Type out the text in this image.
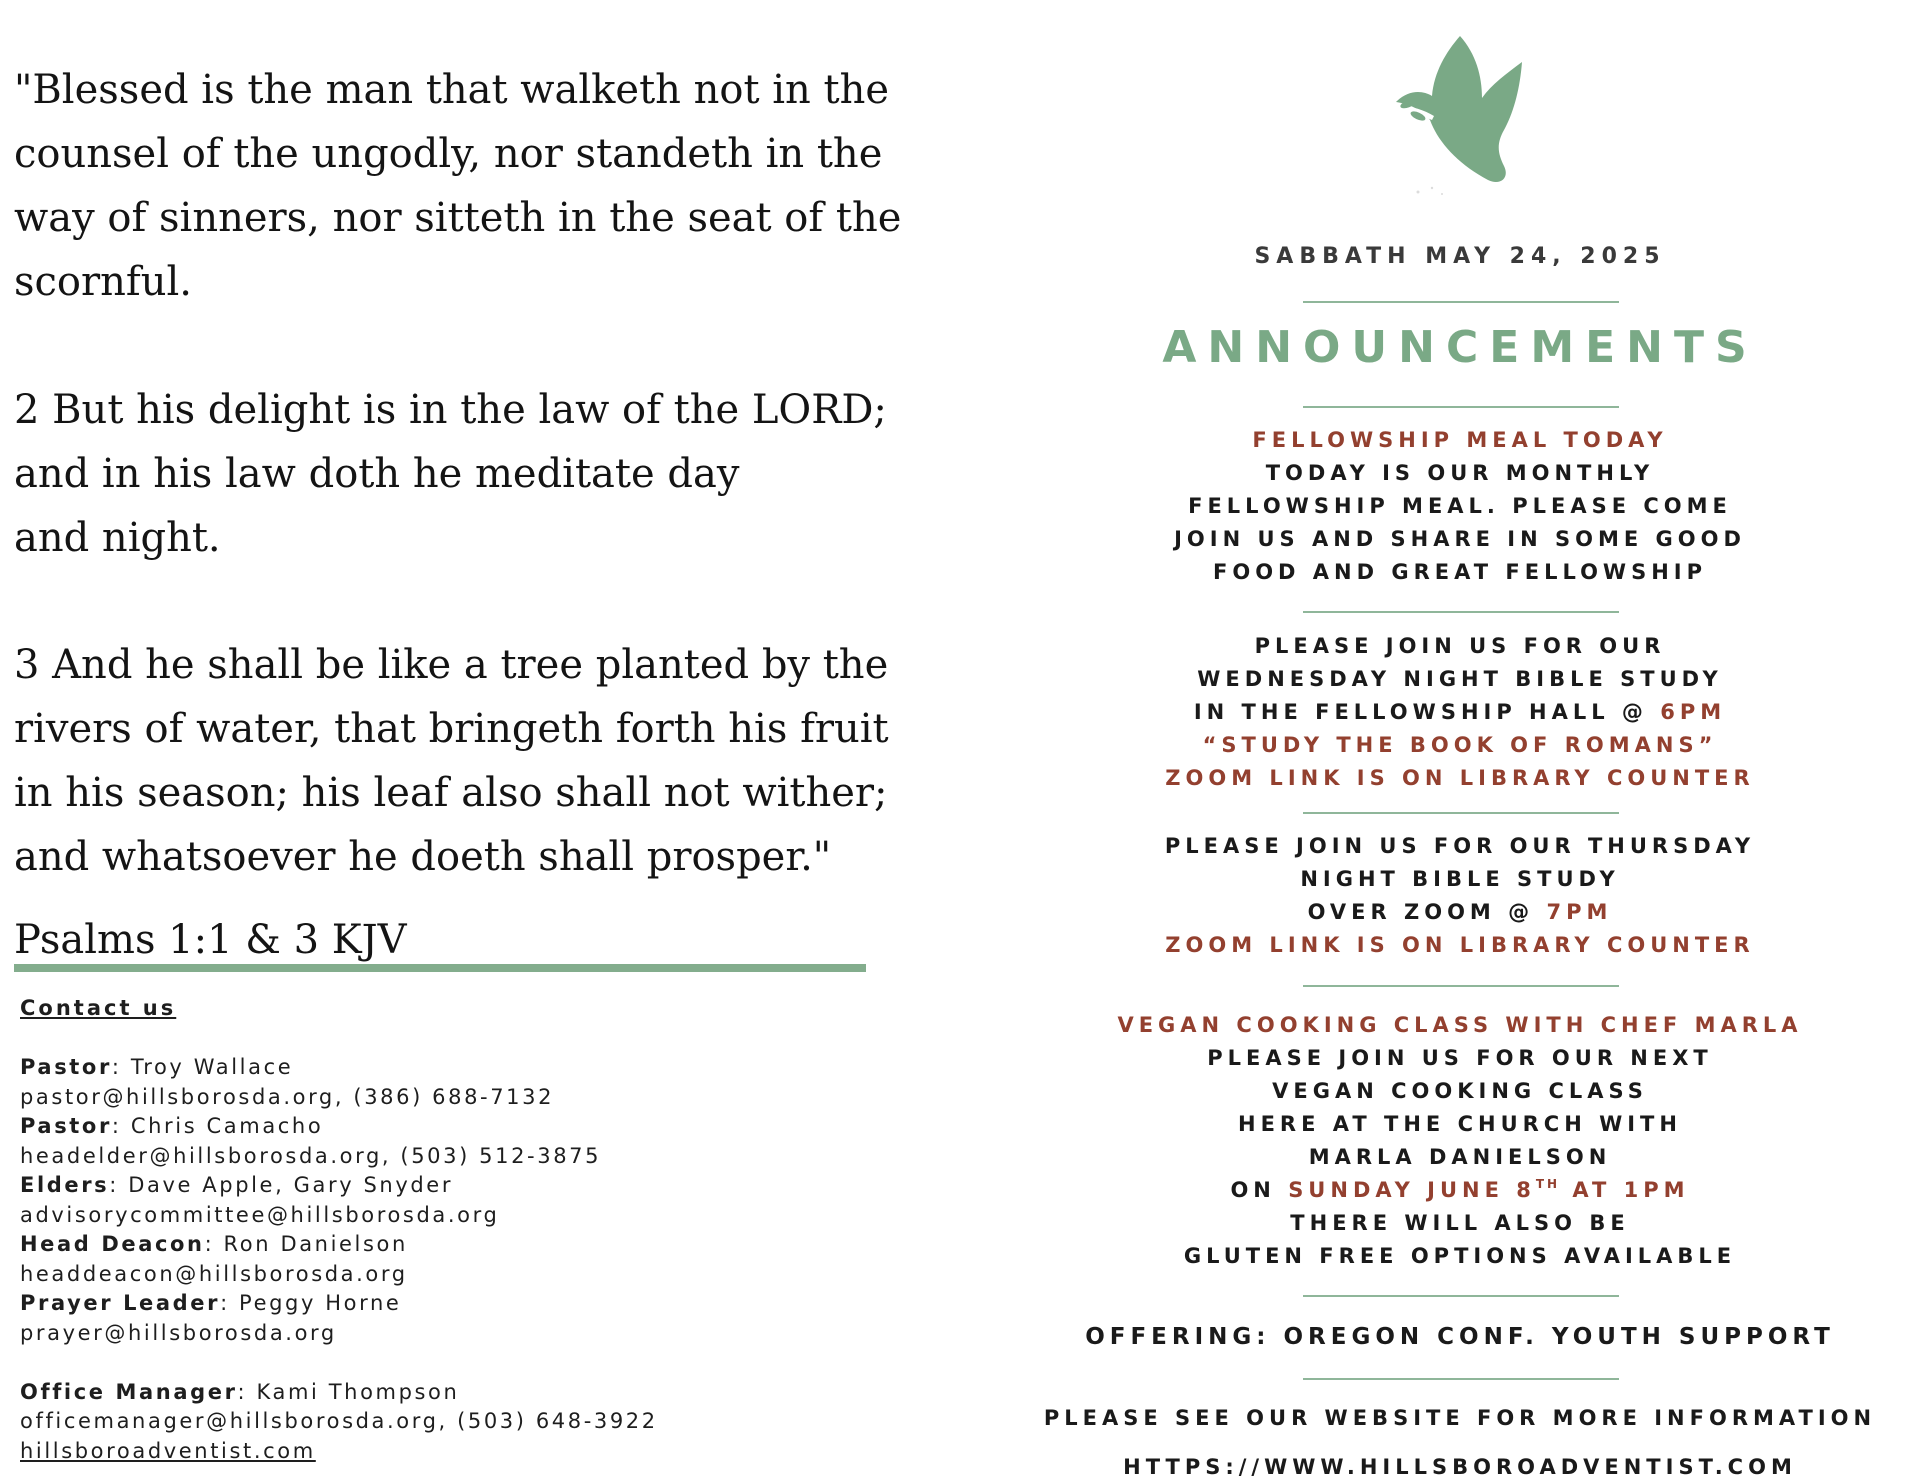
"Blessed is the man that walketh not in the
counsel of the ungodly, nor standeth in the
way of sinners, nor sitteth in the seat of the
scornful.

2 But his delight is in the law of the LORD;
and in his law doth he meditate day
and night.

3 And he shall be like a tree planted by the
rivers of water, that bringeth forth his fruit
in his season; his leaf also shall not wither;
and whatsoever he doeth shall prosper."

Psalms 1:1 & 3 KJV
Contact us
Pastor: Troy Wallace
pastor@hillsborosda.org, (386) 688-7132
Pastor: Chris Camacho
headelder@hillsborosda.org, (503) 512-3875
Elders: Dave Apple, Gary Snyder
advisorycommittee@hillsborosda.org
Head Deacon: Ron Danielson
headdeacon@hillsborosda.org
Prayer Leader: Peggy Horne
prayer@hillsborosda.org
Office Manager: Kami Thompson
officemanager@hillsborosda.org, (503) 648-3922
hillsboroadventist.com
SABBATH MAY 24, 2025
ANNOUNCEMENTS
FELLOWSHIP MEAL TODAY
TODAY IS OUR MONTHLY
FELLOWSHIP MEAL. PLEASE COME
JOIN US AND SHARE IN SOME GOOD
FOOD AND GREAT FELLOWSHIP
PLEASE JOIN US FOR OUR
WEDNESDAY NIGHT BIBLE STUDY
IN THE FELLOWSHIP HALL @ 6PM
“STUDY THE BOOK OF ROMANS”
ZOOM LINK IS ON LIBRARY COUNTER
PLEASE JOIN US FOR OUR THURSDAY
NIGHT BIBLE STUDY
OVER ZOOM @ 7PM
ZOOM LINK IS ON LIBRARY COUNTER
VEGAN COOKING CLASS WITH CHEF MARLA
PLEASE JOIN US FOR OUR NEXT
VEGAN COOKING CLASS
HERE AT THE CHURCH WITH
MARLA DANIELSON
ON SUNDAY JUNE 8TH AT 1PM
THERE WILL ALSO BE
GLUTEN FREE OPTIONS AVAILABLE
OFFERING: OREGON CONF. YOUTH SUPPORT
PLEASE SEE OUR WEBSITE FOR MORE INFORMATION
HTTPS://WWW.HILLSBOROADVENTIST.COM
